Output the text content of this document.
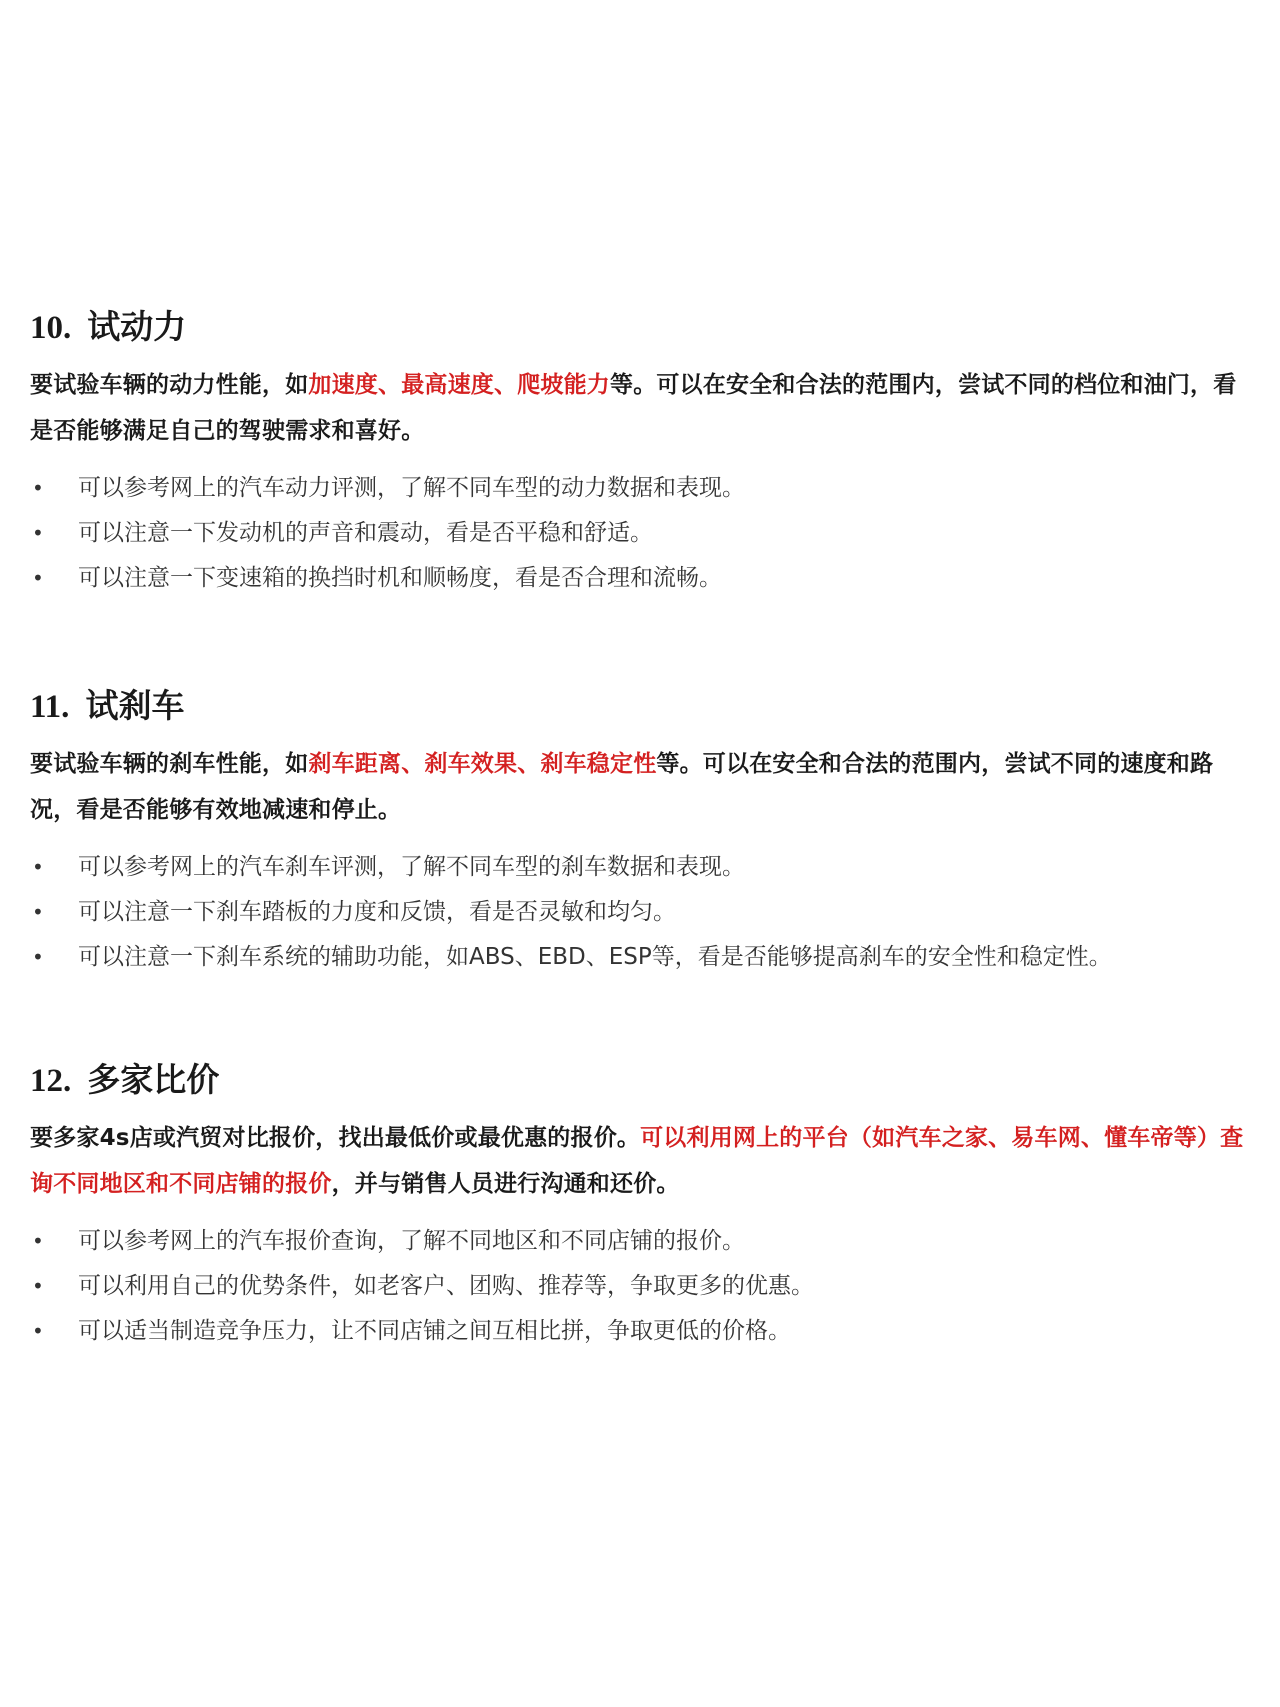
10. 试动力

要试验车辆的动力性能，如加速度、最高速度、爬坡能力等。可以在安全和合法的范围内，尝试不同的档位和油门，看是否能够满足自己的驾驶需求和喜好。

• 可以参考网上的汽车动力评测，了解不同车型的动力数据和表现。
• 可以注意一下发动机的声音和震动，看是否平稳和舒适。
• 可以注意一下变速箱的换挡时机和顺畅度，看是否合理和流畅。
11. 试刹车

要试验车辆的刹车性能，如刹车距离、刹车效果、刹车稳定性等。可以在安全和合法的范围内，尝试不同的速度和路况，看是否能够有效地减速和停止。

• 可以参考网上的汽车刹车评测，了解不同车型的刹车数据和表现。
• 可以注意一下刹车踏板的力度和反馈，看是否灵敏和均匀。
• 可以注意一下刹车系统的辅助功能，如ABS、EBD、ESP等，看是否能够提高刹车的安全性和稳定性。
12. 多家比价

要多家4s店或汽贸对比报价，找出最低价或最优惠的报价。可以利用网上的平台（如汽车之家、易车网、懂车帝等）查询不同地区和不同店铺的报价，并与销售人员进行沟通和还价。

• 可以参考网上的汽车报价查询，了解不同地区和不同店铺的报价。
• 可以利用自己的优势条件，如老客户、团购、推荐等，争取更多的优惠。
• 可以适当制造竞争压力，让不同店铺之间互相比拼，争取更低的价格。
